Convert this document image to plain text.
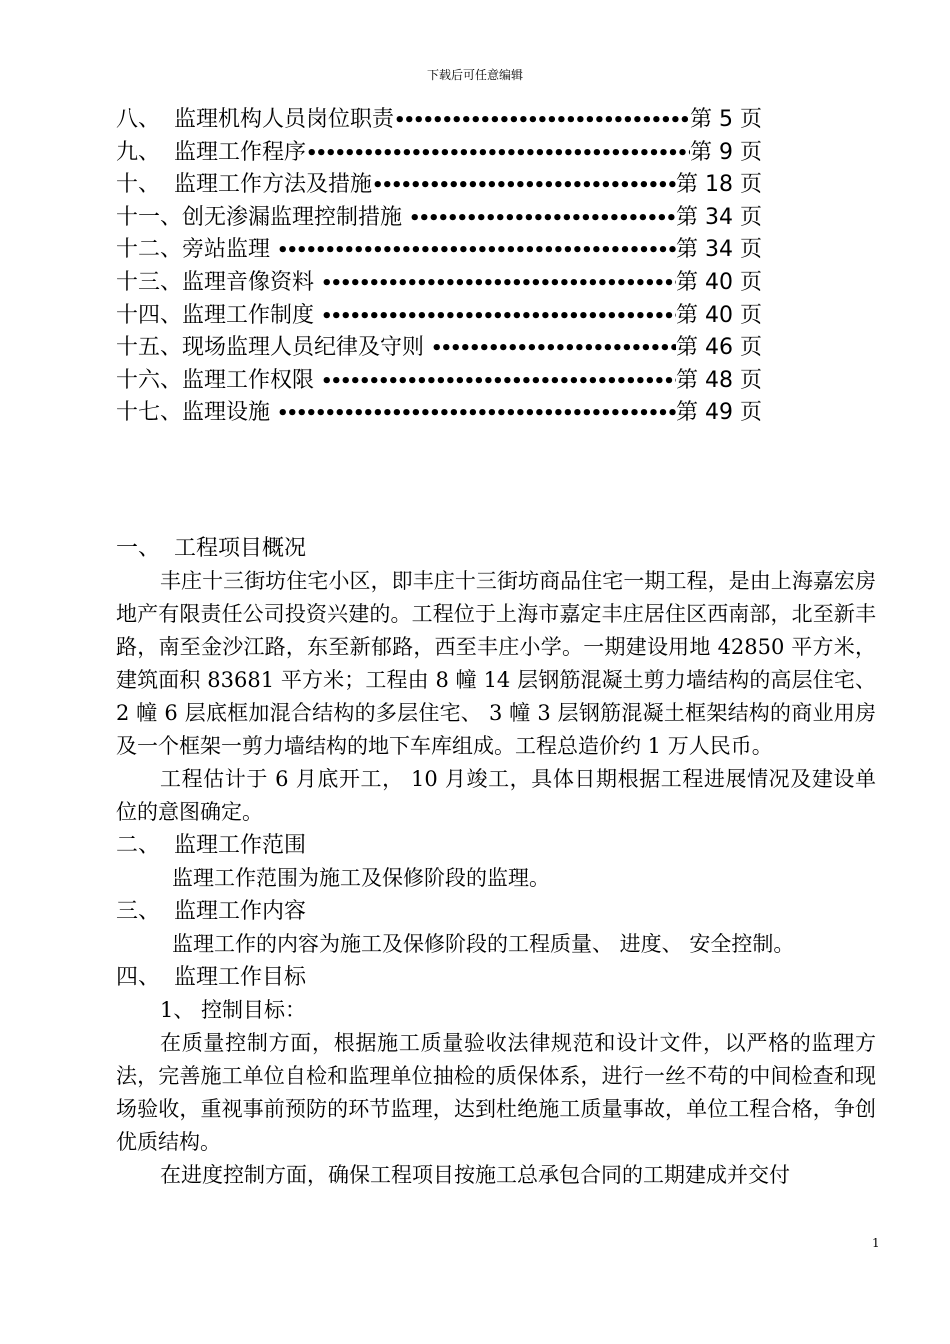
下载后可任意编辑
八、 监理机构人员岗位职责 •••••	第 5 页
九、 监理工作程序 •••••	第 9 页
十、 监理工作方法及措施 •••••	第 18 页
十一、 创无渗漏监理控制措施 •••••	第 34 页
十二、 旁站监理 •••••	第 34 页
十三、 监理音像资料 •••••	第 40 页
十四、 监理工作制度 •••••	第 40 页
十五、 现场监理人员纪律及守则 •••••	第 46 页
十六、 监理工作权限 •••••	第 48 页
十七、 监理设施 •••••	第 49 页
一、  工程项目概况

丰庄十三街坊住宅小区，即丰庄十三街坊商品住宅一期工程，是由上海嘉宏房地产有限责任公司投资兴建的。工程位于上海市嘉定丰庄居住区西南部，北至新丰路，南至金沙江路，东至新郁路，西至丰庄小学。一期建设用地 42850 平方米，建筑面积 83681 平方米；工程由 8 幢 14 层钢筋混凝土剪力墙结构的高层住宅、 2 幢 6 层底框加混合结构的多层住宅、 3 幢 3 层钢筋混凝土框架结构的商业用房及一个框架一剪力墙结构的地下车库组成。工程总造价约 1 万人民币。

工程估计于 6 月底开工， 10 月竣工，具体日期根据工程进展情况及建设单位的意图确定。

二、  监理工作范围

监理工作范围为施工及保修阶段的监理。

三、  监理工作内容

监理工作的内容为施工及保修阶段的工程质量、 进度、 安全控制。

四、  监理工作目标

1、 控制目标：

在质量控制方面，根据施工质量验收法律规范和设计文件，以严格的监理方法，完善施工单位自检和监理单位抽检的质保体系，进行一丝不苟的中间检查和现场验收，重视事前预防的环节监理，达到杜绝施工质量事故，单位工程合格，争创优质结构。

在进度控制方面，确保工程项目按施工总承包合同的工期建成并交付

1
